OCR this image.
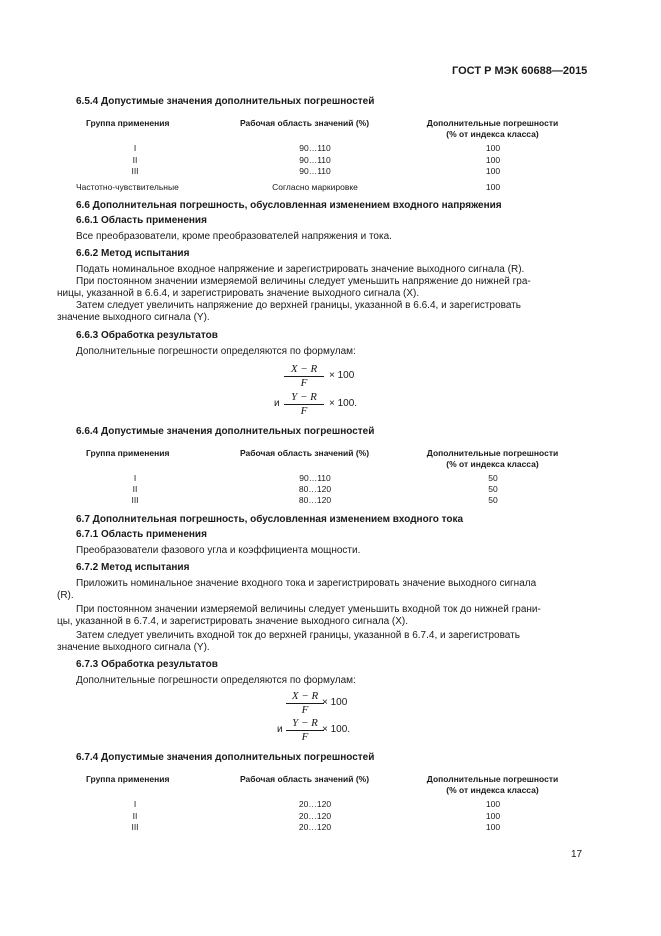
ГОСТ Р МЭК 60688—2015
6.5.4 Допустимые значения дополнительных погрешностей
Группа применения	Рабочая область значений (%)	Дополнительные погрешности
(% от индекса класса)
I	90…110	100
II	90…110	100
III	90…110	100
Частотно-чувствительные	Согласно маркировке	100
6.6 Дополнительная погрешность, обусловленная изменением входного напряжения
6.6.1 Область применения
Все преобразователи, кроме преобразователей напряжения и тока.
6.6.2 Метод испытания
Подать номинальное входное напряжение и зарегистрировать значение выходного сигнала (R).
При постоянном значении измеряемой величины следует уменьшить напряжение до нижней гра-
ницы, указанной в 6.6.4, и зарегистрировать значение выходного сигнала (X).
Затем следует увеличить напряжение до верхней границы, указанной в 6.6.4, и зарегистровать
значение выходного сигнала (Y).
6.6.3 Обработка результатов
Дополнительные погрешности определяются по формулам:
$\frac{X - R}{F} \times 100$
и $\frac{Y - R}{F} \times 100$.
6.6.4 Допустимые значения дополнительных погрешностей
Группа применения	Рабочая область значений (%)	Дополнительные погрешности
(% от индекса класса)
I	90…110	50
II	80…120	50
III	80…120	50
6.7 Дополнительная погрешность, обусловленная изменением входного тока
6.7.1 Область применения
Преобразователи фазового угла и коэффициента мощности.
6.7.2 Метод испытания
Приложить номинальное значение входного тока и зарегистрировать значение выходного сигнала
(R).
При постоянном значении измеряемой величины следует уменьшить входной ток до нижней грани-
цы, указанной в 6.7.4, и зарегистрировать значение выходного сигнала (X).
Затем следует увеличить входной ток до верхней границы, указанной в 6.7.4, и зарегистровать
значение выходного сигнала (Y).
6.7.3 Обработка результатов
Дополнительные погрешности определяются по формулам:
$\frac{X - R}{F}$
× 100
и $\frac{Y - R}{F}$
× 100.
6.7.4 Допустимые значения дополнительных погрешностей
Группа применения	Рабочая область значений (%)	Дополнительные погрешности
(% от индекса класса)
I	20…120	100
II	20…120	100
III	20…120	100
17
